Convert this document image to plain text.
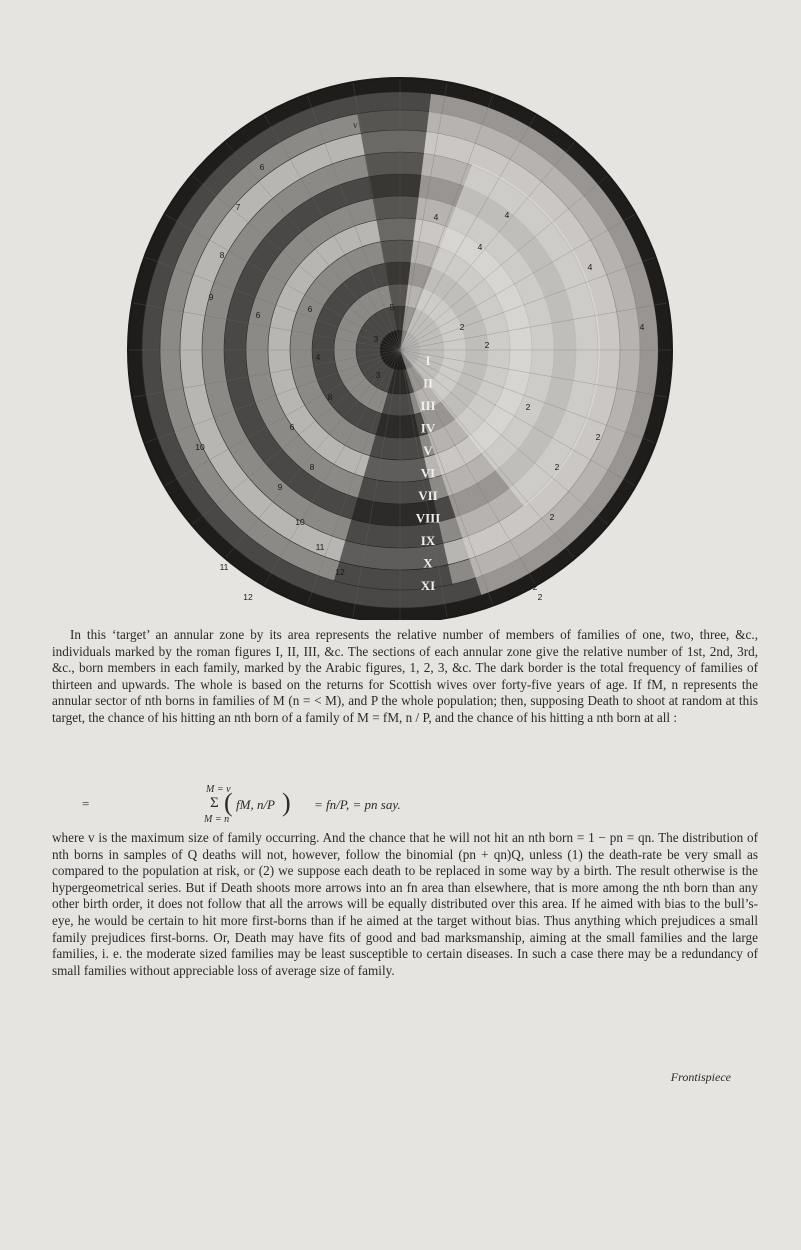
I
II
III
IV
V
VI
VII
VIII
IX
X
XI
6
7
8
9
10
4
4
4
4
4
5
6
8
3
3
2
2
2
2
2
2
2
2
2
11
12
4
6
6
8
9
10
11
12
v

In this ‘target’ an annular zone by its area represents the relative number of members of families of one, two, three, &c., individuals marked by the roman figures I, II, III, &c. The sections of each annular zone give the relative number of 1st, 2nd, 3rd, &c., born members in each family, marked by the Arabic figures, 1, 2, 3, &c. The dark border is the total frequency of families of thirteen and upwards. The whole is based on the returns for Scottish wives over forty-five years of age. If fM, n represents the annular sector of nth borns in families of M (n = < M), and P the whole population; then, supposing Death to shoot at random at this target, the chance of his hitting an nth born of a family of M = fM, n / P, and the chance of his hitting a nth born at all :

=
M = v
Σ
M = n
( fM, n/P ) = fn/P, = pn say.

where v is the maximum size of family occurring. And the chance that he will not hit an nth born = 1 − pn = qn. The distribution of nth borns in samples of Q deaths will not, however, follow the binomial (pn + qn)Q, unless (1) the death-rate be very small as compared to the population at risk, or (2) we suppose each death to be replaced in some way by a birth. The result otherwise is the hypergeometrical series. But if Death shoots more arrows into an fn area than elsewhere, that is more among the nth born than any other birth order, it does not follow that all the arrows will be equally distributed over this area. If he aimed with bias to the bull’s-eye, he would be certain to hit more first-borns than if he aimed at the target without bias. Thus anything which prejudices a small family prejudices first-borns. Or, Death may have fits of good and bad marksmanship, aiming at the small families and the large families, i. e. the moderate sized families may be least susceptible to certain diseases. In such a case there may be a redundancy of small families without appreciable loss of average size of family.

Frontispiece
